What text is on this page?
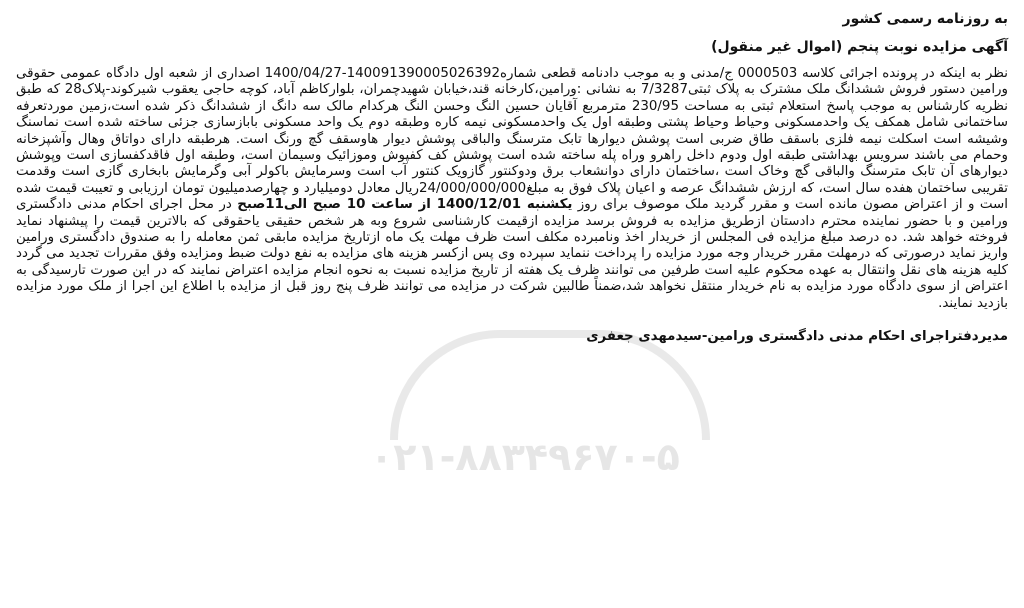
۰۲۱-۸۸۳۴۹۶۷۰-۵
به روزنامه رسمی کشور
آگهی مزایده نوبت پنجم (اموال غیر منقول)

نظر به اینکه در پرونده اجرائی کلاسه 0000503 ج/مدنی و به موجب دادنامه قطعی شماره140091390005026392-1400/04/27 اصداری از شعبه اول دادگاه عمومی حقوقی ورامین دستور فروش ششدانگ ملک مشترک به پلاک ثبتی7/3287 به نشانی :ورامین،کارخانه قند،خیابان شهیدچمران، بلوارکاظم آباد، کوچه حاجی یعقوب شیرکوند-پلاک28 که طبق نظریه کارشناس به موجب پاسخ استعلام ثبتی به مساحت 230/95 مترمربع آقایان حسین النگ وحسن النگ هرکدام مالک سه دانگ از ششدانگ ذکر شده است،زمین موردتعرفه ساختمانی شامل همکف یک واحدمسکونی وحیاط وحیاط پشتی وطبقه اول یک واحدمسکونی نیمه کاره وطبقه دوم یک واحد مسکونی بابازسازی جزئی ساخته شده است نماسنگ وشیشه است اسکلت نیمه فلزی باسقف طاق ضربی است پوشش دیوارها تابک مترسنگ والباقی پوشش دیوار هاوسقف گچ ورنگ است. هرطبقه دارای دواتاق وهال وآشپزخانه وحمام می باشند سرویس بهداشتی طبقه اول ودوم داخل راهرو وراه پله ساخته شده است پوشش کف کفپوش وموزائیک وسیمان است، وطبقه اول فاقدکفسازی است وپوشش دیوارهای آن تابک مترسنگ والباقی گچ وخاک است ،ساختمان دارای دوانشعاب برق ودوکنتور گازویک کنتور آب است وسرمایش باکولر آبی وگرمایش بابخاری گازی است وقدمت تقریبی ساختمان هفده سال است، که ارزش ششدانگ عرصه و اعیان پلاک فوق به مبلغ24/000/000/000ریال معادل دومیلیارد و چهارصدمیلیون تومان ارزیابی و تعیبت قیمت شده است و از اعتراض مصون مانده است و مقرر گردید ملک موصوف برای روز یکشنبه 1400/12/01 از ساعت 10 صبح الی11صبح در محل اجرای احکام مدنی دادگستری ورامین و با حضور نماینده محترم دادستان ازطریق مزایده به فروش برسد مزایده ازقیمت کارشناسی شروع وبه هر شخص حقیقی یاحقوقی که بالاترین قیمت را پیشنهاد نماید فروخته خواهد شد. ده درصد مبلغ مزایده فی المجلس از خریدار اخذ ونامبرده مکلف است ظرف مهلت یک ماه ازتاریخ مزایده مابقی ثمن معامله را به صندوق دادگستری ورامین واریز نماید درصورتی که درمهلت مقرر خریدار وجه مورد مزایده را پرداخت ننماید سپرده وی پس ازکسر هزینه های مزایده به نفع دولت ضبط ومزایده وفق مقررات تجدید می گردد کلیه هزینه های نقل وانتقال به عهده محکوم علیه است طرفین می توانند ظرف یک هفته از تاریخ مزایده نسبت به نحوه انجام مزایده اعتراض نمایند که در این صورت تارسیدگی به اعتراض از سوی دادگاه مورد مزایده به نام خریدار منتقل نخواهد شد،ضمناً طالبین شرکت در مزایده می توانند ظرف پنج روز قبل از مزایده با اطلاع این اجرا از ملک مورد مزایده بازدید نمایند.

مدیردفتراجرای احکام مدنی دادگستری ورامین-سیدمهدی جعفری
